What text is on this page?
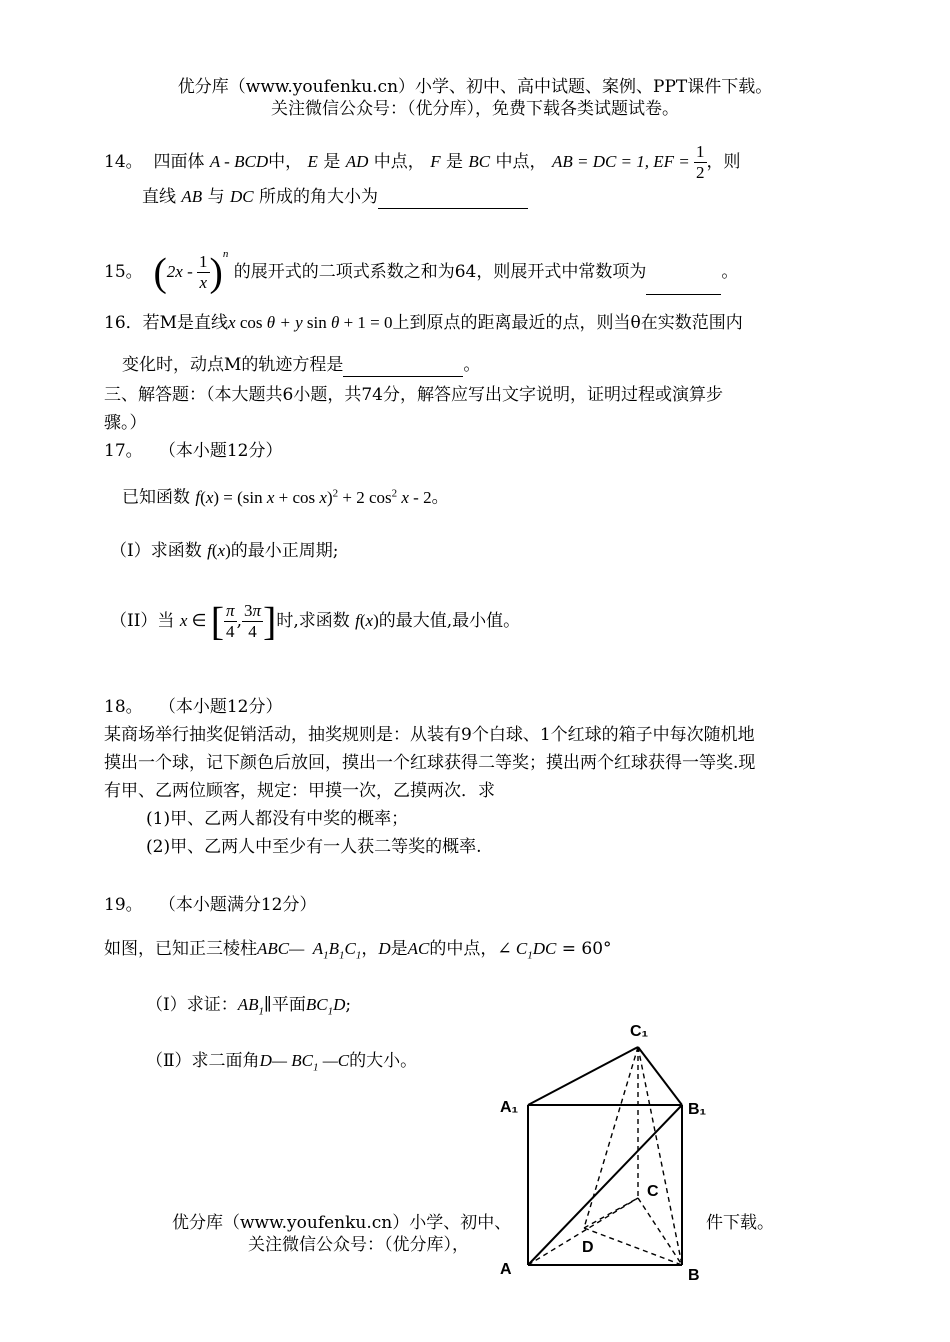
优分库（www.youfenku.cn）小学、初中、高中试题、案例、PPT课件下载。
关注微信公众号：（优分库），免费下载各类试题试卷。
14。 四面体 A - BCD中， E 是 AD 中点， F 是 BC 中点， AB = DC = 1, EF = $\frac{1}{2}$ ，则
直线 AB 与 DC 所成的角大小为
15。 $(2x - \frac{1}{x} )^n$ 的展开式的二项式系数之和为64，则展开式中常数项为	。
16．若M是直线x cos θ + y sin θ + 1 = 0上到原点的距离最近的点，则当θ在实数范围内
变化时，动点M的轨迹方程是	。
三、解答题：（本大题共6小题，共74分，解答应写出文字说明，证明过程或演算步
骤。）
17。 （本小题12分）
已知函数 f(x) = (sin x + cos x)$^2$ + 2 $\cos^2 x - 2$。
（I）求函数 f(x)的最小正周期;
（II）当 x ∈ [ $\frac{\pi}{4}$ , $\frac{3\pi}{4}$ ]时,求函数 f(x)的最大值,最小值。
18。 （本小题12分）
某商场举行抽奖促销活动，抽奖规则是：从装有9个白球、1个红球的箱子中每次随机地
摸出一个球，记下颜色后放回，摸出一个红球获得二等奖；摸出两个红球获得一等奖.现
有甲、乙两位顾客，规定：甲摸一次，乙摸两次．求
(1)甲、乙两人都没有中奖的概率；
(2)甲、乙两人中至少有一人获二等奖的概率.
19。 （本小题满分12分）
如图，已知正三棱柱ABC—  $A_1B_1C_1$，D是AC的中点，∠ $C_1DC = 60^\circ$
（Ⅰ）求证：$AB_1\parallel$平面$BC_1D$;
（Ⅱ）求二面角D— $BC_1$ —C的大小。
优分库（www.youfenku.cn）小学、初中、	件下载。
关注微信公众号：（优分库），
C₁
A₁	B₁
C
D
A	B
